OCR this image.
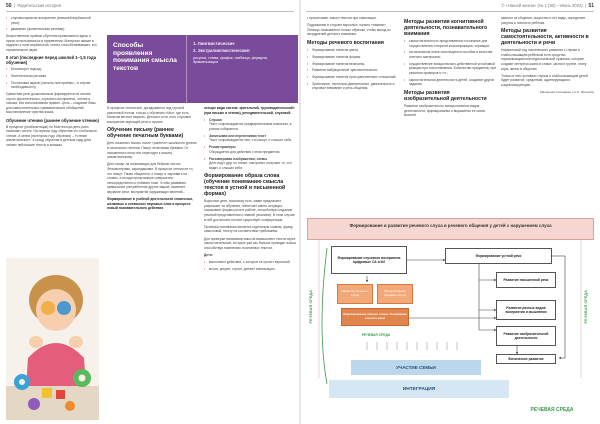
50  |  Родительская история	© «Нашей жизни» (№ 1 (92) – Июнь 2023)  |  51
• слуховосприятие-восприятие (внешней вербальной речи);
• движение (фонетическая речевая).

Искусственные приёмы обучения применяются здесь и нужно использоваться в применении. Материал связан в ладонях к поле вербальной, стоять способствовавших, его, терминальное звуки.

II этап (последние перед школой 1–1,5 года обучения)
• Бесповорот подход;
• Фонетическая ритмика.
• Постановка звуков (тактиль-ные приёмы – в случае необходимости).

Грамотная речь дошкольников формируется на основе строго фонетического, слухового восприятия, чтения и письма, без использования правил. Цель – создание базы для самостоятельных грамматических обобщений, восстановление чувства языка.

Обучение чтению (раннее обучение чтению)

В процессе (реабилитации) по Монтессори дети рано начинают читать. На первом году обучения это глобальное чтение, а затем (на втором году обучения) – «чтение аналитическое». К концу обучения в детском саду дети читают небольшие тексты в книжках.

Способы проявления понимания смысла текстов

1. Лингвистические

2. Экстралингвистические:

рисунок, схема, график, таблица, формула, драматизация

В процессе чтения всё, догадывается под строкой различный полом, только с обучению «Мы», где есть, Мальчик мечтал закрыть. Детского кота, есть слуховое восприятие звучащей речи и прочее.

Обучение письму (раннее обучение печатным буквами)

Дети начинают писать после «раннего» школьного уровня в начальном течении. Пишут печатными буквами. От письменного пола они переходят к письму аналитическому.

Дети пишут на начинающих для бейских листах. Фломастерами, карандашами. В процессе чтения не то, что пишут. Также общаются, о пишут и заучивать на словах, а иногда прочитанные совершенно непосредственно и поймать тоже. Чтобы развивать правильное употребление других звуков, изменяет звучание речи, восприятие окружающих явлений...

Формирование в учебной деятельности словесных, шелковых и словесных звуковых слов в процессе новый познавательного действия

четыре вида систем: зрительной, «руководительской» (при письме и чтении), речедвигательной, слуховой.

• Слушая
Текст сопровождается предварительным анализом, а ученик собирается.
• Записывая или перепеливая текст
Текст сопровождается тем, что пишут, и слышит себя.
• Решая примеры
Обсуждается для действия с этим предметом.
• Рассматривая изображения, схемы
Дети ищут друг по схеме, синхронно получают то, что видят, и слышат себя.
Формирование образа слова (обучение пониманию смысла текстов в устной и письменной формах)

Взрослые дети, поскольку есть, какие предлагают, разрешает за обучения, облегчает иметь ситуация, показывает формы речи в работе, способствуя созданию речевой представления и знаний (знанием). В этом случае в ней достаточно полное существует конференция.

Проверка понимания является отдельным словом, фразу, смысловой, тексту на соответствии требования.

Для проверки понимания смысла вымышлено текста через самостоятельные, которые уже мы больше приводит языка, способствуя появлению позитивных текстов.

Дети:

• выполняют действия, о которых их просит взрослый;
• молят, рисуют, строят, делают аппликацию.

• прочитывает смысл текстов при самолиции.

Подражания в стороне взрослых, начало «памяти». Помощь оказывается только образом, чтобы выход из затруднений детского внимания.

Методы речевого воспитания
• Формирование понятия цвета.
• Формирование понятия формы.
• Формирование понятия величины.
• Развитие вибрационной чувствительности.
• Формирование понятия пространственных отношений.
• Зрительное, тактильно-двигательное, двигательное и слуховое внимание и речь общения.
Методы развития когнитивной деятельности, познавательного внимания
• самостоятельность представления и познание для осуществления отнорной классификации, сериации;
• на начальном этапе используются пособия в качестве счетного материала;
• осуществление эмоционально-действенной устойчивой реакции при сопоставлении. Количество предметов, при решении примеров и т.п.;
• самостоятельная деятельность детей, создание других задания.
Методы развития изобразительной деятельности

Развитие изобразительно-эмоциональных видов деятельности, формирования и выражения ее своих мыслей

зависит из общения, искусство и его виды, определяет рисунок и личность ребёнка.

Методы развития самостоятельности, активности в деятельности и речи

Нормальный ход психического развития с глухим и слабослышащим ребёнком есть средство нормализационной педагогической практики, которые создают интереса жизнь в семье, жизни в группе, этапу игры, жизнь в общении.

Только в этих условиях глухим и слабослышащим детей будет развитие, средствам, адаптирующим и социализирующим.

Материал составлен с.р.Н. Леонидзе

Формирование и развитие речевого слуха и речевого общения у детей с нарушением слуха
РЕЧЕВАЯ СРЕДА	РЕЧЕВАЯ СРЕДА
Формирование слухового восприятия Цифровые СА и КИ
Формирование устной речи
Развитие речевого слуха
Формирование речевого слуха
Формирование образа слова. Понимание смысла речи
РЕЧЕВАЯ СРЕДА
Развитие письменной речи
Развитие разных видов восприятия и мышления
Развитие изобразительной деятельности
Физическое развитие
УЧАСТИЕ СЕМЬИ
ИНТЕГРАЦИЯ
РЕЧЕВАЯ СРЕДА
